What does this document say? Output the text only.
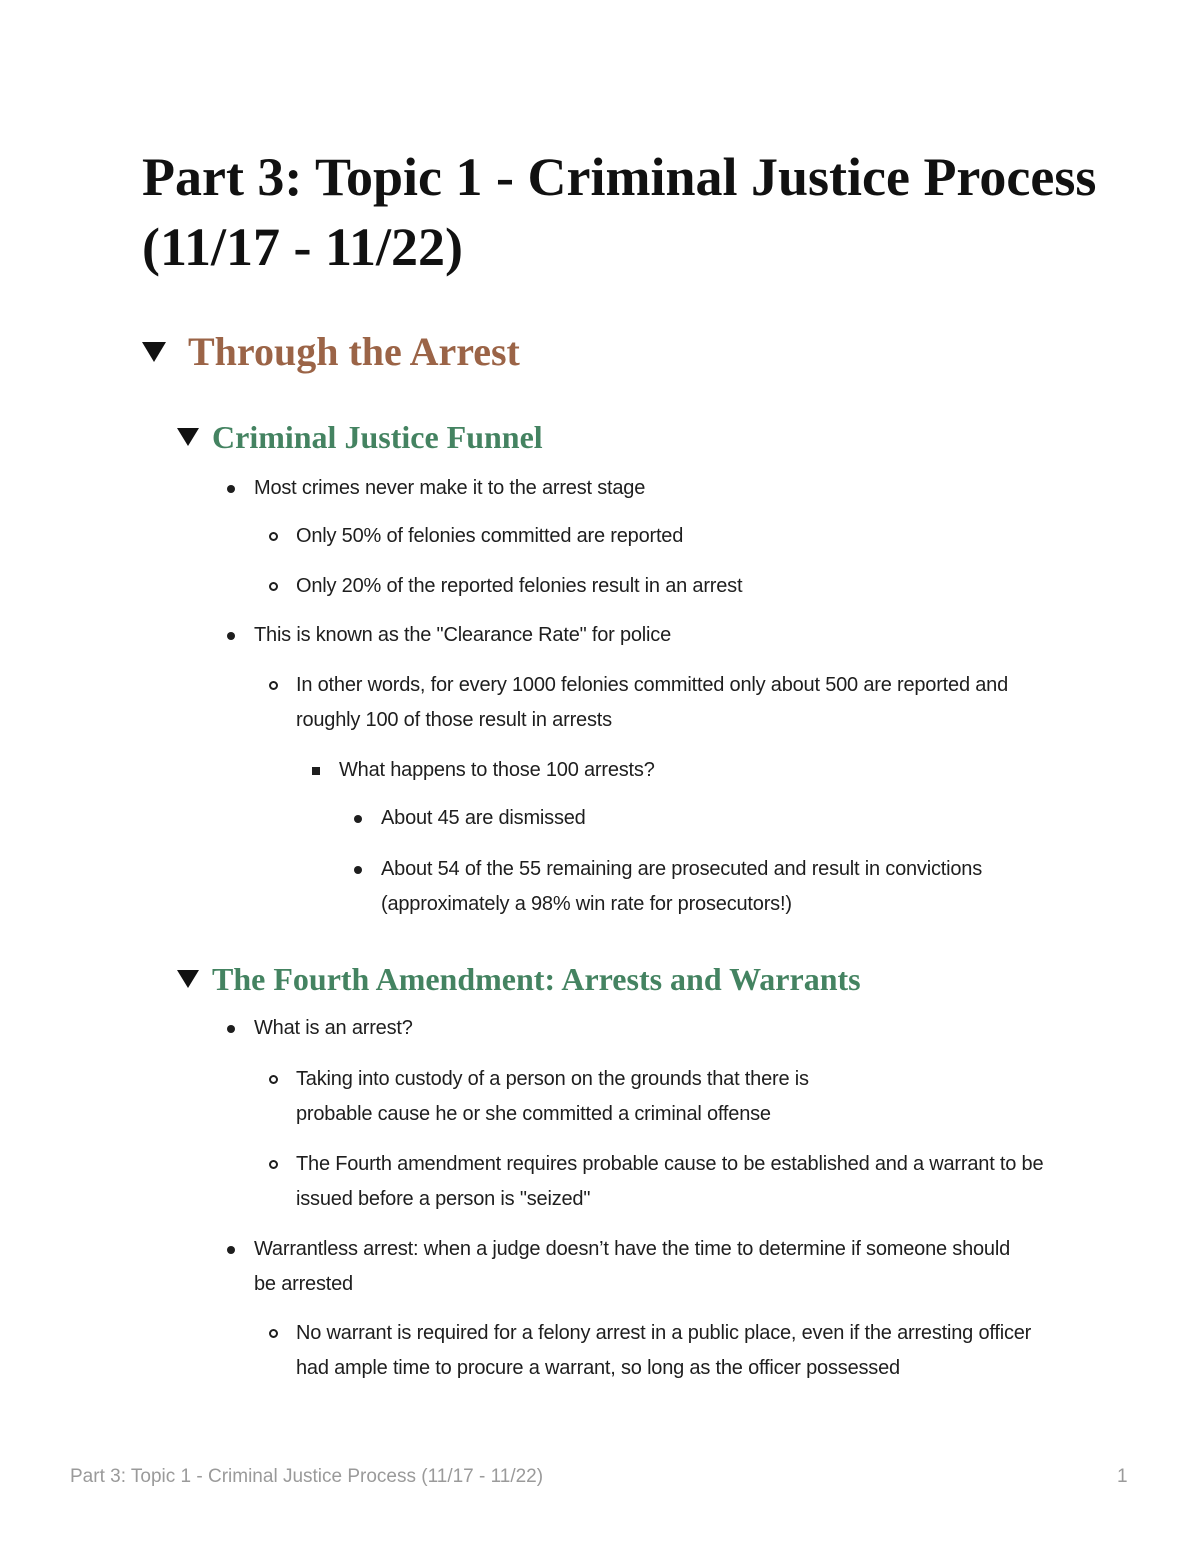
Part 3: Topic 1 - Criminal Justice Process (11/17 - 11/22)
Through the Arrest
Criminal Justice Funnel
Most crimes never make it to the arrest stage
Only 50% of felonies committed are reported
Only 20% of the reported felonies result in an arrest
This is known as the "Clearance Rate" for police
In other words, for every 1000 felonies committed only about 500 are reported and roughly 100 of those result in arrests
What happens to those 100 arrests?
About 45 are dismissed
About 54 of the 55 remaining are prosecuted and result in convictions (approximately a 98% win rate for prosecutors!)
The Fourth Amendment: Arrests and Warrants
What is an arrest?
Taking into custody of a person on the grounds that there is probable cause he or she committed a criminal offense
The Fourth amendment requires probable cause to be established and a warrant to be issued before a person is "seized"
Warrantless arrest: when a judge doesn’t have the time to determine if someone should be arrested
No warrant is required for a felony arrest in a public place, even if the arresting officer had ample time to procure a warrant, so long as the officer possessed
Part 3: Topic 1 - Criminal Justice Process (11/17 - 11/22)	1
